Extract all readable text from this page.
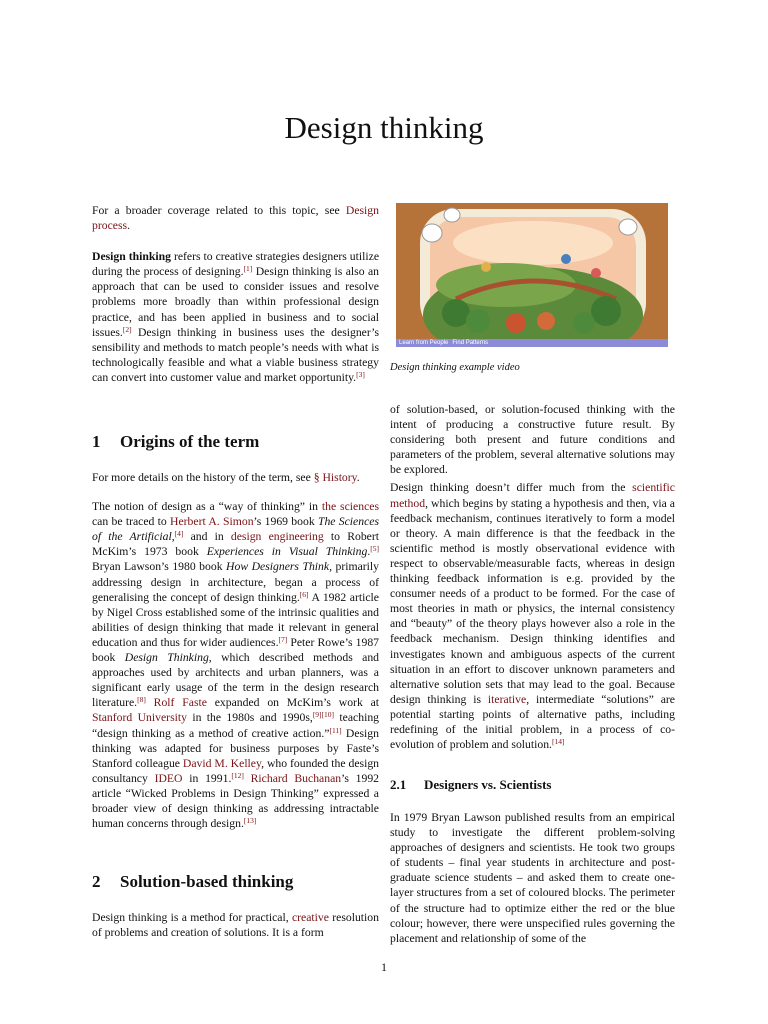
Design thinking

For a broader coverage related to this topic, see Design process.

Design thinking refers to creative strategies designers utilize during the process of designing.[1] Design thinking is also an approach that can be used to consider issues and resolve problems more broadly than within professional design practice, and has been applied in business and to social issues.[2] Design thinking in business uses the designer’s sensibility and methods to match people’s needs with what is technologically feasible and what a viable business strategy can convert into customer value and market opportunity.[3]

1 Origins of the term

For more details on the history of the term, see § History.

The notion of design as a “way of thinking” in the sciences can be traced to Herbert A. Simon’s 1969 book The Sciences of the Artificial,[4] and in design engineering to Robert McKim’s 1973 book Experiences in Visual Thinking.[5] Bryan Lawson’s 1980 book How Designers Think, primarily addressing design in architecture, began a process of generalising the concept of design thinking.[6] A 1982 article by Nigel Cross established some of the intrinsic qualities and abilities of design thinking that made it relevant in general education and thus for wider audiences.[7] Peter Rowe’s 1987 book Design Thinking, which described methods and approaches used by architects and urban planners, was a significant early usage of the term in the design research literature.[8] Rolf Faste expanded on McKim’s work at Stanford University in the 1980s and 1990s,[9][10] teaching “design thinking as a method of creative action.”[11] Design thinking was adapted for business purposes by Faste’s Stanford colleague David M. Kelley, who founded the design consultancy IDEO in 1991.[12] Richard Buchanan’s 1992 article “Wicked Problems in Design Thinking” expressed a broader view of design thinking as addressing intractable human concerns through design.[13]

2 Solution-based thinking

Design thinking is a method for practical, creative resolution of problems and creation of solutions. It is a form

Learn from People Find Patterns
Design thinking example video

of solution-based, or solution-focused thinking with the intent of producing a constructive future result. By considering both present and future conditions and parameters of the problem, several alternative solutions may be explored.

Design thinking doesn’t differ much from the scientific method, which begins by stating a hypothesis and then, via a feedback mechanism, continues iteratively to form a model or theory. A main difference is that the feedback in the scientific method is mostly observational evidence with respect to observable/measurable facts, whereas in design thinking feedback information is e.g. provided by the consumer needs of a product to be formed. For the case of most theories in math or physics, the internal consistency and “beauty” of the theory plays however also a role in the feedback mechanism. Design thinking identifies and investigates known and ambiguous aspects of the current situation in an effort to discover unknown parameters and alternative solution sets that may lead to the goal. Because design thinking is iterative, intermediate “solutions” are potential starting points of alternative paths, including redefining of the initial problem, in a process of co-evolution of problem and solution.[14]

2.1 Designers vs. Scientists

In 1979 Bryan Lawson published results from an empirical study to investigate the different problem-solving approaches of designers and scientists. He took two groups of students – final year students in architecture and post-graduate science students – and asked them to create one-layer structures from a set of coloured blocks. The perimeter of the structure had to optimize either the red or the blue colour; however, there were unspecified rules governing the placement and relationship of some of the

1
